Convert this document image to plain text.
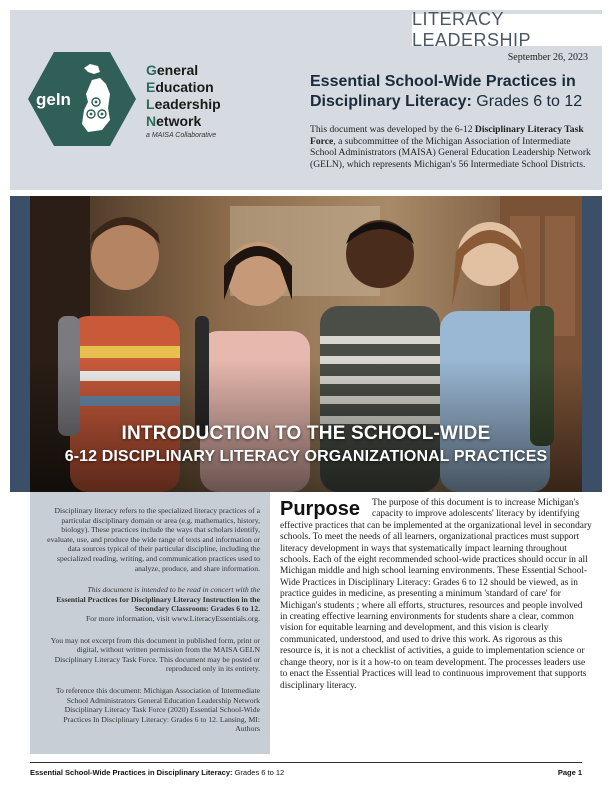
LITERACY LEADERSHIP
geln
General
Education
Leadership
Network
a MAISA Collaborative
September 26, 2023
Essential School-Wide Practices in Disciplinary Literacy: Grades 6 to 12
This document was developed by the 6-12 Disciplinary Literacy Task Force, a subcommittee of the Michigan Association of Intermediate School Administrators (MAISA) General Education Leadership Network (GELN), which represents Michigan's 56 Intermediate School Districts.
INTRODUCTION TO THE SCHOOL-WIDE
6-12 DISCIPLINARY LITERACY ORGANIZATIONAL PRACTICES

Disciplinary literacy refers to the specialized literacy practices of a particular disciplinary domain or area (e.g. mathematics, history, biology). These practices include the ways that scholars identify, evaluate, use, and produce the wide range of texts and information or data sources typical of their particular discipline, including the specialized reading, writing, and communication practices used to analyze, produce, and share information.

This document is intended to be read in concert with the
Essential Practices for Disciplinary Literacy Instruction in the Secondary Classroom: Grades 6 to 12.
For more information, visit www.LiteracyEssentials.org.

You may not excerpt from this document in published form, print or digital, without written permission from the MAISA GELN Disciplinary Literacy Task Force. This document may be posted or reproduced only in its entirety.

To reference this document: Michigan Association of Intermediate School Administrators General Education Leadership Network Disciplinary Literacy Task Force (2020) Essential School-Wide Practices In Disciplinary Literacy: Grades 6 to 12. Lansing, MI: Authors

Purpose The purpose of this document is to increase Michigan's capacity to improve adolescents' literacy by identifying effective practices that can be implemented at the organizational level in secondary schools. To meet the needs of all learners, organizational practices must support literacy development in ways that systematically impact learning throughout schools. Each of the eight recommended school-wide practices should occur in all Michigan middle and high school learning environments. These Essential School-Wide Practices in Disciplinary Literacy: Grades 6 to 12 should be viewed, as in practice guides in medicine, as presenting a minimum 'standard of care' for Michigan's students ; where all efforts, structures, resources and people involved in creating effective learning environments for students share a clear, common vision for equitable learning and development, and this vision is clearly communicated, understood, and used to drive this work. As rigorous as this resource is, it is not a checklist of activities, a guide to implementation science or change theory, nor is it a how-to on team development. The processes leaders use to enact the Essential Practices will lead to continuous improvement that supports disciplinary literacy.
Essential School-Wide Practices in Disciplinary Literacy: Grades 6 to 12	Page 1
